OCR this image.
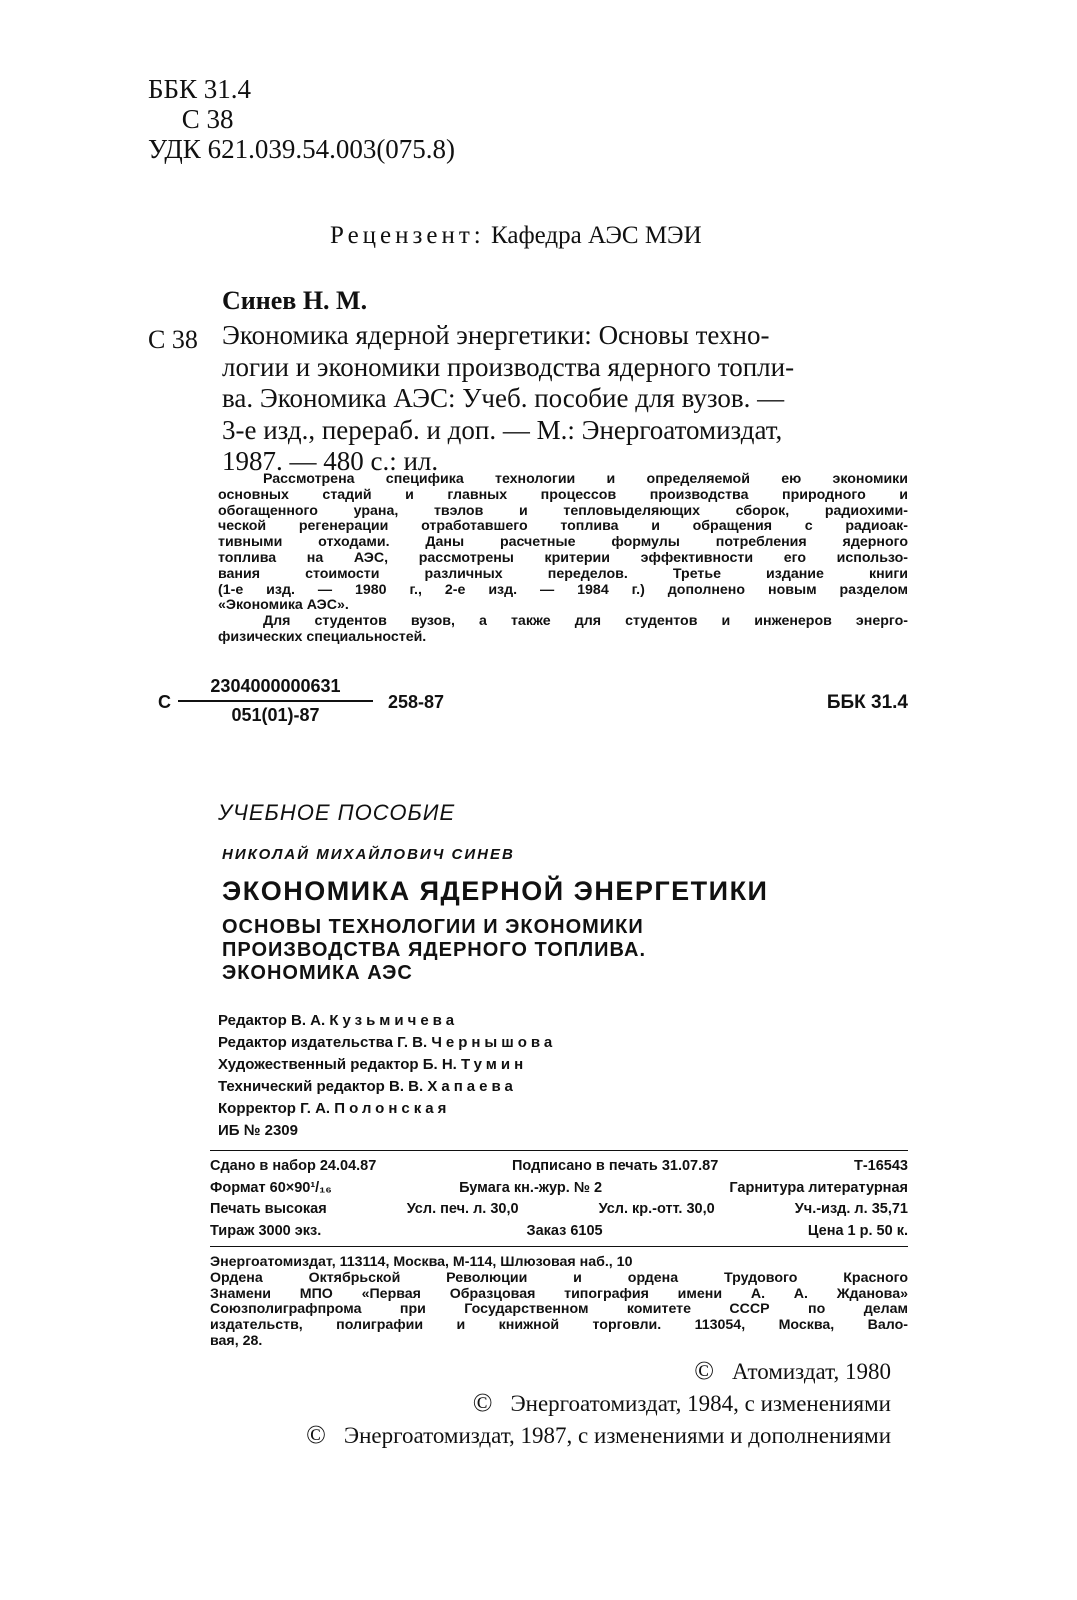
ББК 31.4
С 38
УДК 621.039.54.003(075.8)
Рецензент: Кафедра АЭС МЭИ
Синев Н. М.
С 38 Экономика ядерной энергетики: Основы техно-
логии и экономики производства ядерного топли-
ва. Экономика АЭС: Учеб. пособие для вузов. —
3-е изд., перераб. и доп. — М.: Энергоатомиздат,
1987. — 480 с.: ил.
Рассмотрена специфика технологии и определяемой ею экономики
основных стадий и главных процессов производства природного и
обогащенного урана, твэлов и тепловыделяющих сборок, радиохими-
ческой регенерации отработавшего топлива и обращения с радиоак-
тивными отходами. Даны расчетные формулы потребления ядерного
топлива на АЭС, рассмотрены критерии эффективности его использо-
вания стоимости различных переделов. Третье издание книги
(1-е изд. — 1980 г., 2-е изд. — 1984 г.) дополнено новым разделом
«Экономика АЭС».
Для студентов вузов, а также для студентов и инженеров энерго-
физических специальностей.
С $\frac{2304000000631}{051(01)-87} 258-87$	ББК 31.4
УЧЕБНОЕ ПОСОБИЕ
НИКОЛАЙ МИХАЙЛОВИЧ СИНЕВ
ЭКОНОМИКА ЯДЕРНОЙ ЭНЕРГЕТИКИ
ОСНОВЫ ТЕХНОЛОГИИ И ЭКОНОМИКИ
ПРОИЗВОДСТВА ЯДЕРНОГО ТОПЛИВА.
ЭКОНОМИКА АЭС
Редактор В. А. Кузьмичева
Редактор издательства Г. В. Чернышова
Художественный редактор Б. Н. Тумин
Технический редактор В. В. Хапаева
Корректор Г. А. Полонская
ИБ № 2309
Сдано в набор 24.04.87	Подписано в печать 31.07.87	Т-16543
Формат 60×90¹/₁₆	Бумага кн.-жур. № 2	Гарнитура литературная
Печать высокая	Усл. печ. л. 30,0	Усл. кр.-отт. 30,0	Уч.-изд. л. 35,71
Тираж 3000 экз.	Заказ 6105	Цена 1 р. 50 к.
Энергоатомиздат, 113114, Москва, М-114, Шлюзовая наб., 10
Ордена Октябрьской Революции и ордена Трудового Красного
Знамени МПО «Первая Образцовая типография имени А. А. Жданова»
Союзполиграфпрома при Государственном комитете СССР по делам
издательств, полиграфии и книжной торговли. 113054, Москва, Вало-
вая, 28.
© Атомиздат, 1980
© Энергоатомиздат, 1984, с изменениями
© Энергоатомиздат, 1987, с изменениями и дополнениями
